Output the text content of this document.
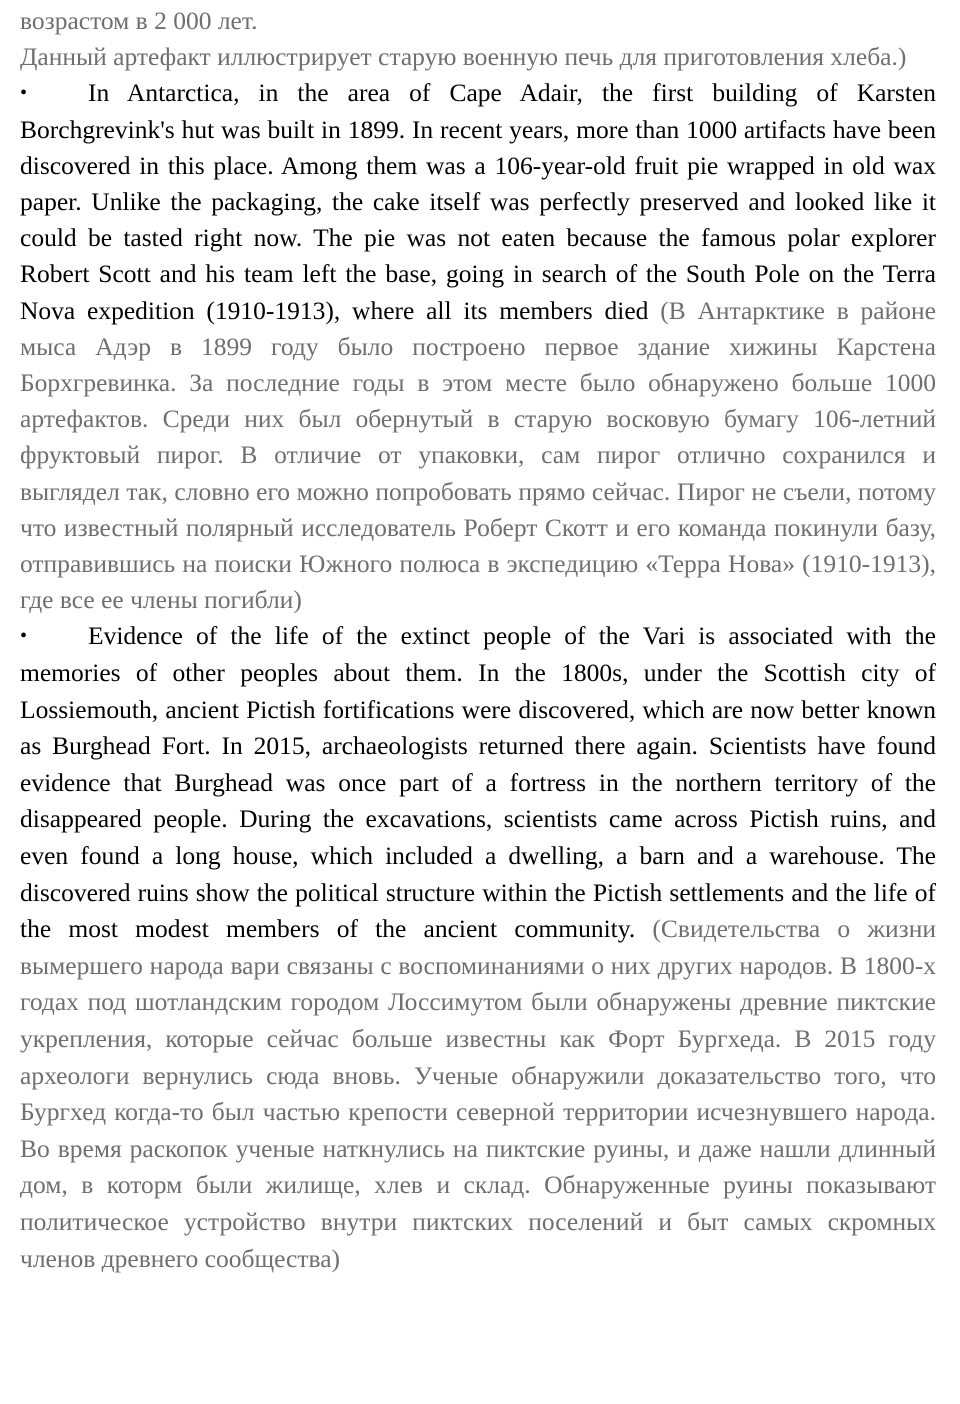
возрастом в 2 000 лет.

Данный артефакт иллюстрирует старую военную печь для приготовления хлеба.)

• In Antarctica, in the area of Cape Adair, the first building of Karsten Borchgrevink's hut was built in 1899. In recent years, more than 1000 artifacts have been discovered in this place. Among them was a 106-year-old fruit pie wrapped in old wax paper. Unlike the packaging, the cake itself was perfectly preserved and looked like it could be tasted right now. The pie was not eaten because the famous polar explorer Robert Scott and his team left the base, going in search of the South Pole on the Terra Nova expedition (1910-1913), where all its members died (В Антарктике в районе мыса Адэр в 1899 году было построено первое здание хижины Карстена Борхгревинка. За последние годы в этом месте было обнаружено больше 1000 артефактов. Среди них был обернутый в старую восковую бумагу 106-летний фруктовый пирог. В отличие от упаковки, сам пирог отлично сохранился и выглядел так, словно его можно попробовать прямо сейчас. Пирог не съели, потому что известный полярный исследователь Роберт Скотт и его команда покинули базу, отправившись на поиски Южного полюса в экспедицию «Терра Нова» (1910-1913), где все ее члены погибли)

• Evidence of the life of the extinct people of the Vari is associated with the memories of other peoples about them. In the 1800s, under the Scottish city of Lossiemouth, ancient Pictish fortifications were discovered, which are now better known as Burghead Fort. In 2015, archaeologists returned there again. Scientists have found evidence that Burghead was once part of a fortress in the northern territory of the disappeared people. During the excavations, scientists came across Pictish ruins, and even found a long house, which included a dwelling, a barn and a warehouse. The discovered ruins show the political structure within the Pictish settlements and the life of the most modest members of the ancient community. (Свидетельства о жизни вымершего народа вари связаны с воспоминаниями о них других народов. В 1800-х годах под шотландским городом Лоссимутом были обнаружены древние пиктские укрепления, которые сейчас больше известны как Форт Бургхеда. В 2015 году археологи вернулись сюда вновь. Ученые обнаружили доказательство того, что Бургхед когда-то был частью крепости северной территории исчезнувшего народа. Во время раскопок ученые наткнулись на пиктские руины, и даже нашли длинный дом, в которм были жилище, хлев и склад. Обнаруженные руины показывают политическое устройство внутри пиктских поселений и быт самых скромных членов древнего сообщества)
